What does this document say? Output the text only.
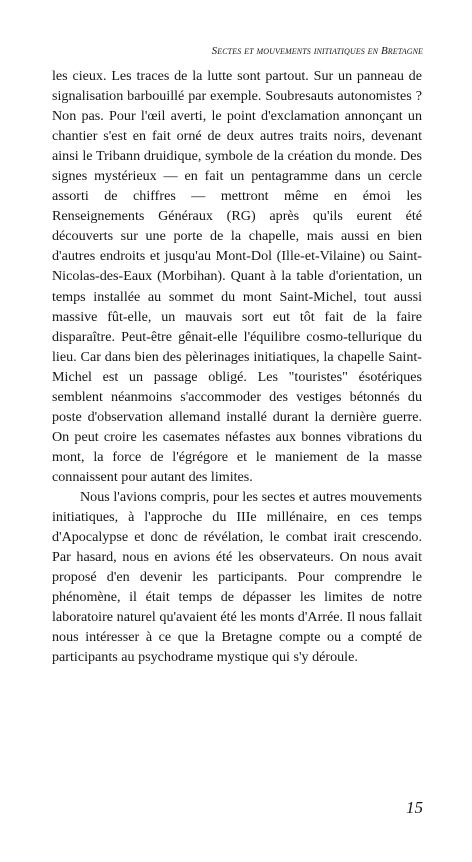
Sectes et mouvements initiatiques en Bretagne

les cieux. Les traces de la lutte sont partout. Sur un panneau de signalisation barbouillé par exemple. Soubresauts autonomistes ? Non pas. Pour l'œil averti, le point d'exclamation annonçant un chantier s'est en fait orné de deux autres traits noirs, devenant ainsi le Tribann druidique, symbole de la création du monde. Des signes mystérieux — en fait un pentagramme dans un cercle assorti de chiffres — mettront même en émoi les Renseignements Généraux (RG) après qu'ils eurent été découverts sur une porte de la chapelle, mais aussi en bien d'autres endroits et jusqu'au Mont-Dol (Ille-et-Vilaine) ou Saint-Nicolas-des-Eaux (Morbihan). Quant à la table d'orientation, un temps installée au sommet du mont Saint-Michel, tout aussi massive fût-elle, un mauvais sort eut tôt fait de la faire disparaître. Peut-être gênait-elle l'équilibre cosmo-tellurique du lieu. Car dans bien des pèlerinages initiatiques, la chapelle Saint-Michel est un passage obligé. Les "touristes" ésotériques semblent néanmoins s'accommoder des vestiges bétonnés du poste d'observation allemand installé durant la dernière guerre. On peut croire les casemates néfastes aux bonnes vibrations du mont, la force de l'égrégore et le maniement de la masse connaissent pour autant des limites.

Nous l'avions compris, pour les sectes et autres mouvements initiatiques, à l'approche du IIIe millénaire, en ces temps d'Apocalypse et donc de révélation, le combat irait crescendo. Par hasard, nous en avions été les observateurs. On nous avait proposé d'en devenir les participants. Pour comprendre le phénomène, il était temps de dépasser les limites de notre laboratoire naturel qu'avaient été les monts d'Arrée. Il nous fallait nous intéresser à ce que la Bretagne compte ou a compté de participants au psychodrame mystique qui s'y déroule.

15
